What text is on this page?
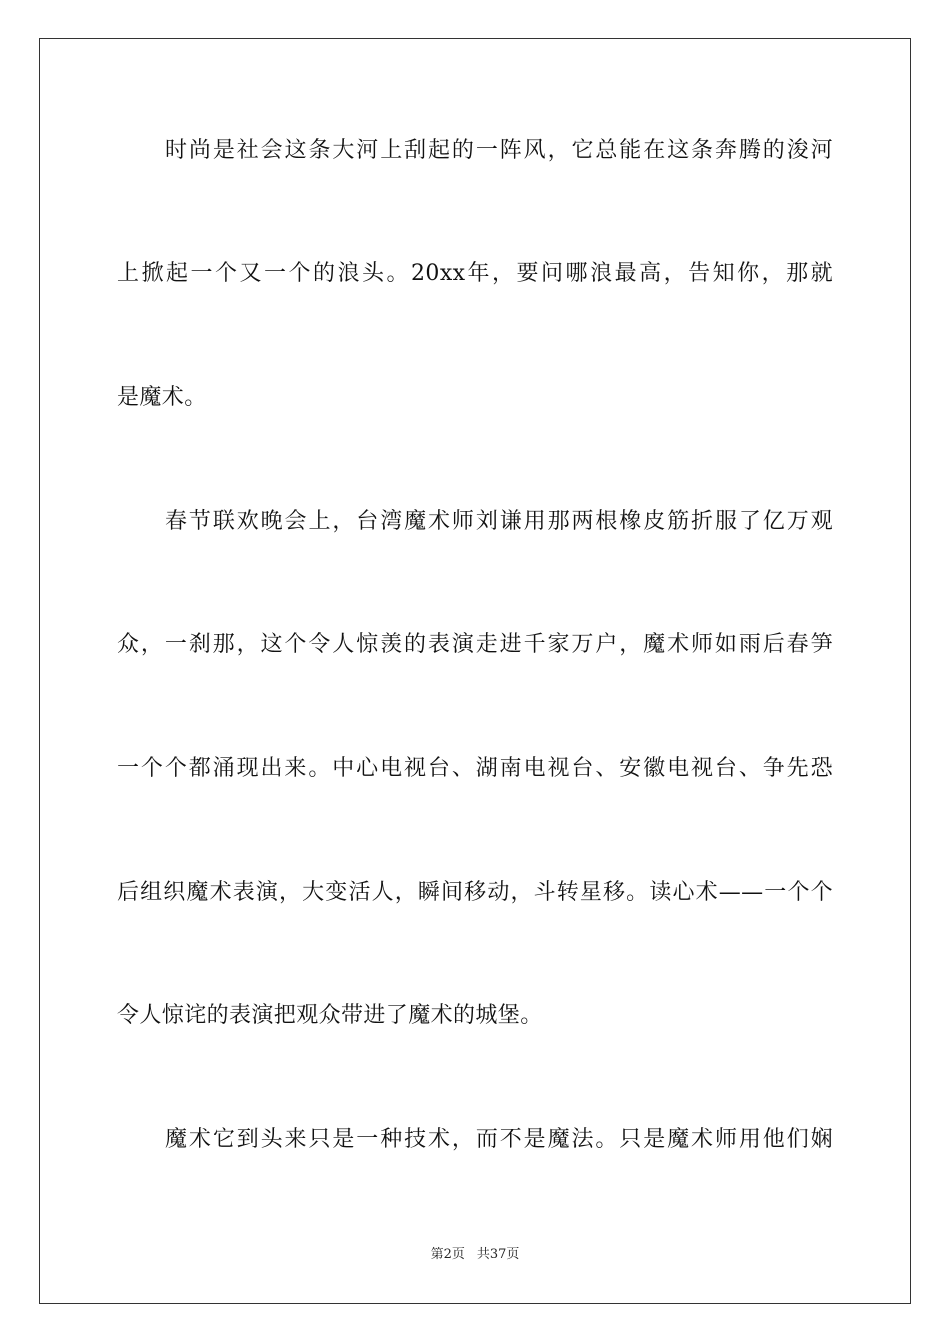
时尚是社会这条大河上刮起的一阵风，它总能在这条奔腾的浚河
上掀起一个又一个的浪头。20xx年，要问哪浪最高，告知你，那就
是魔术。
春节联欢晚会上，台湾魔术师刘谦用那两根橡皮筋折服了亿万观
众，一刹那，这个令人惊羡的表演走进千家万户，魔术师如雨后春笋
一个个都涌现出来。中心电视台、湖南电视台、安徽电视台、争先恐
后组织魔术表演，大变活人，瞬间移动，斗转星移。读心术——一个个
令人惊诧的表演把观众带进了魔术的城堡。
魔术它到头来只是一种技术，而不是魔法。只是魔术师用他们娴
第2页 共37页
